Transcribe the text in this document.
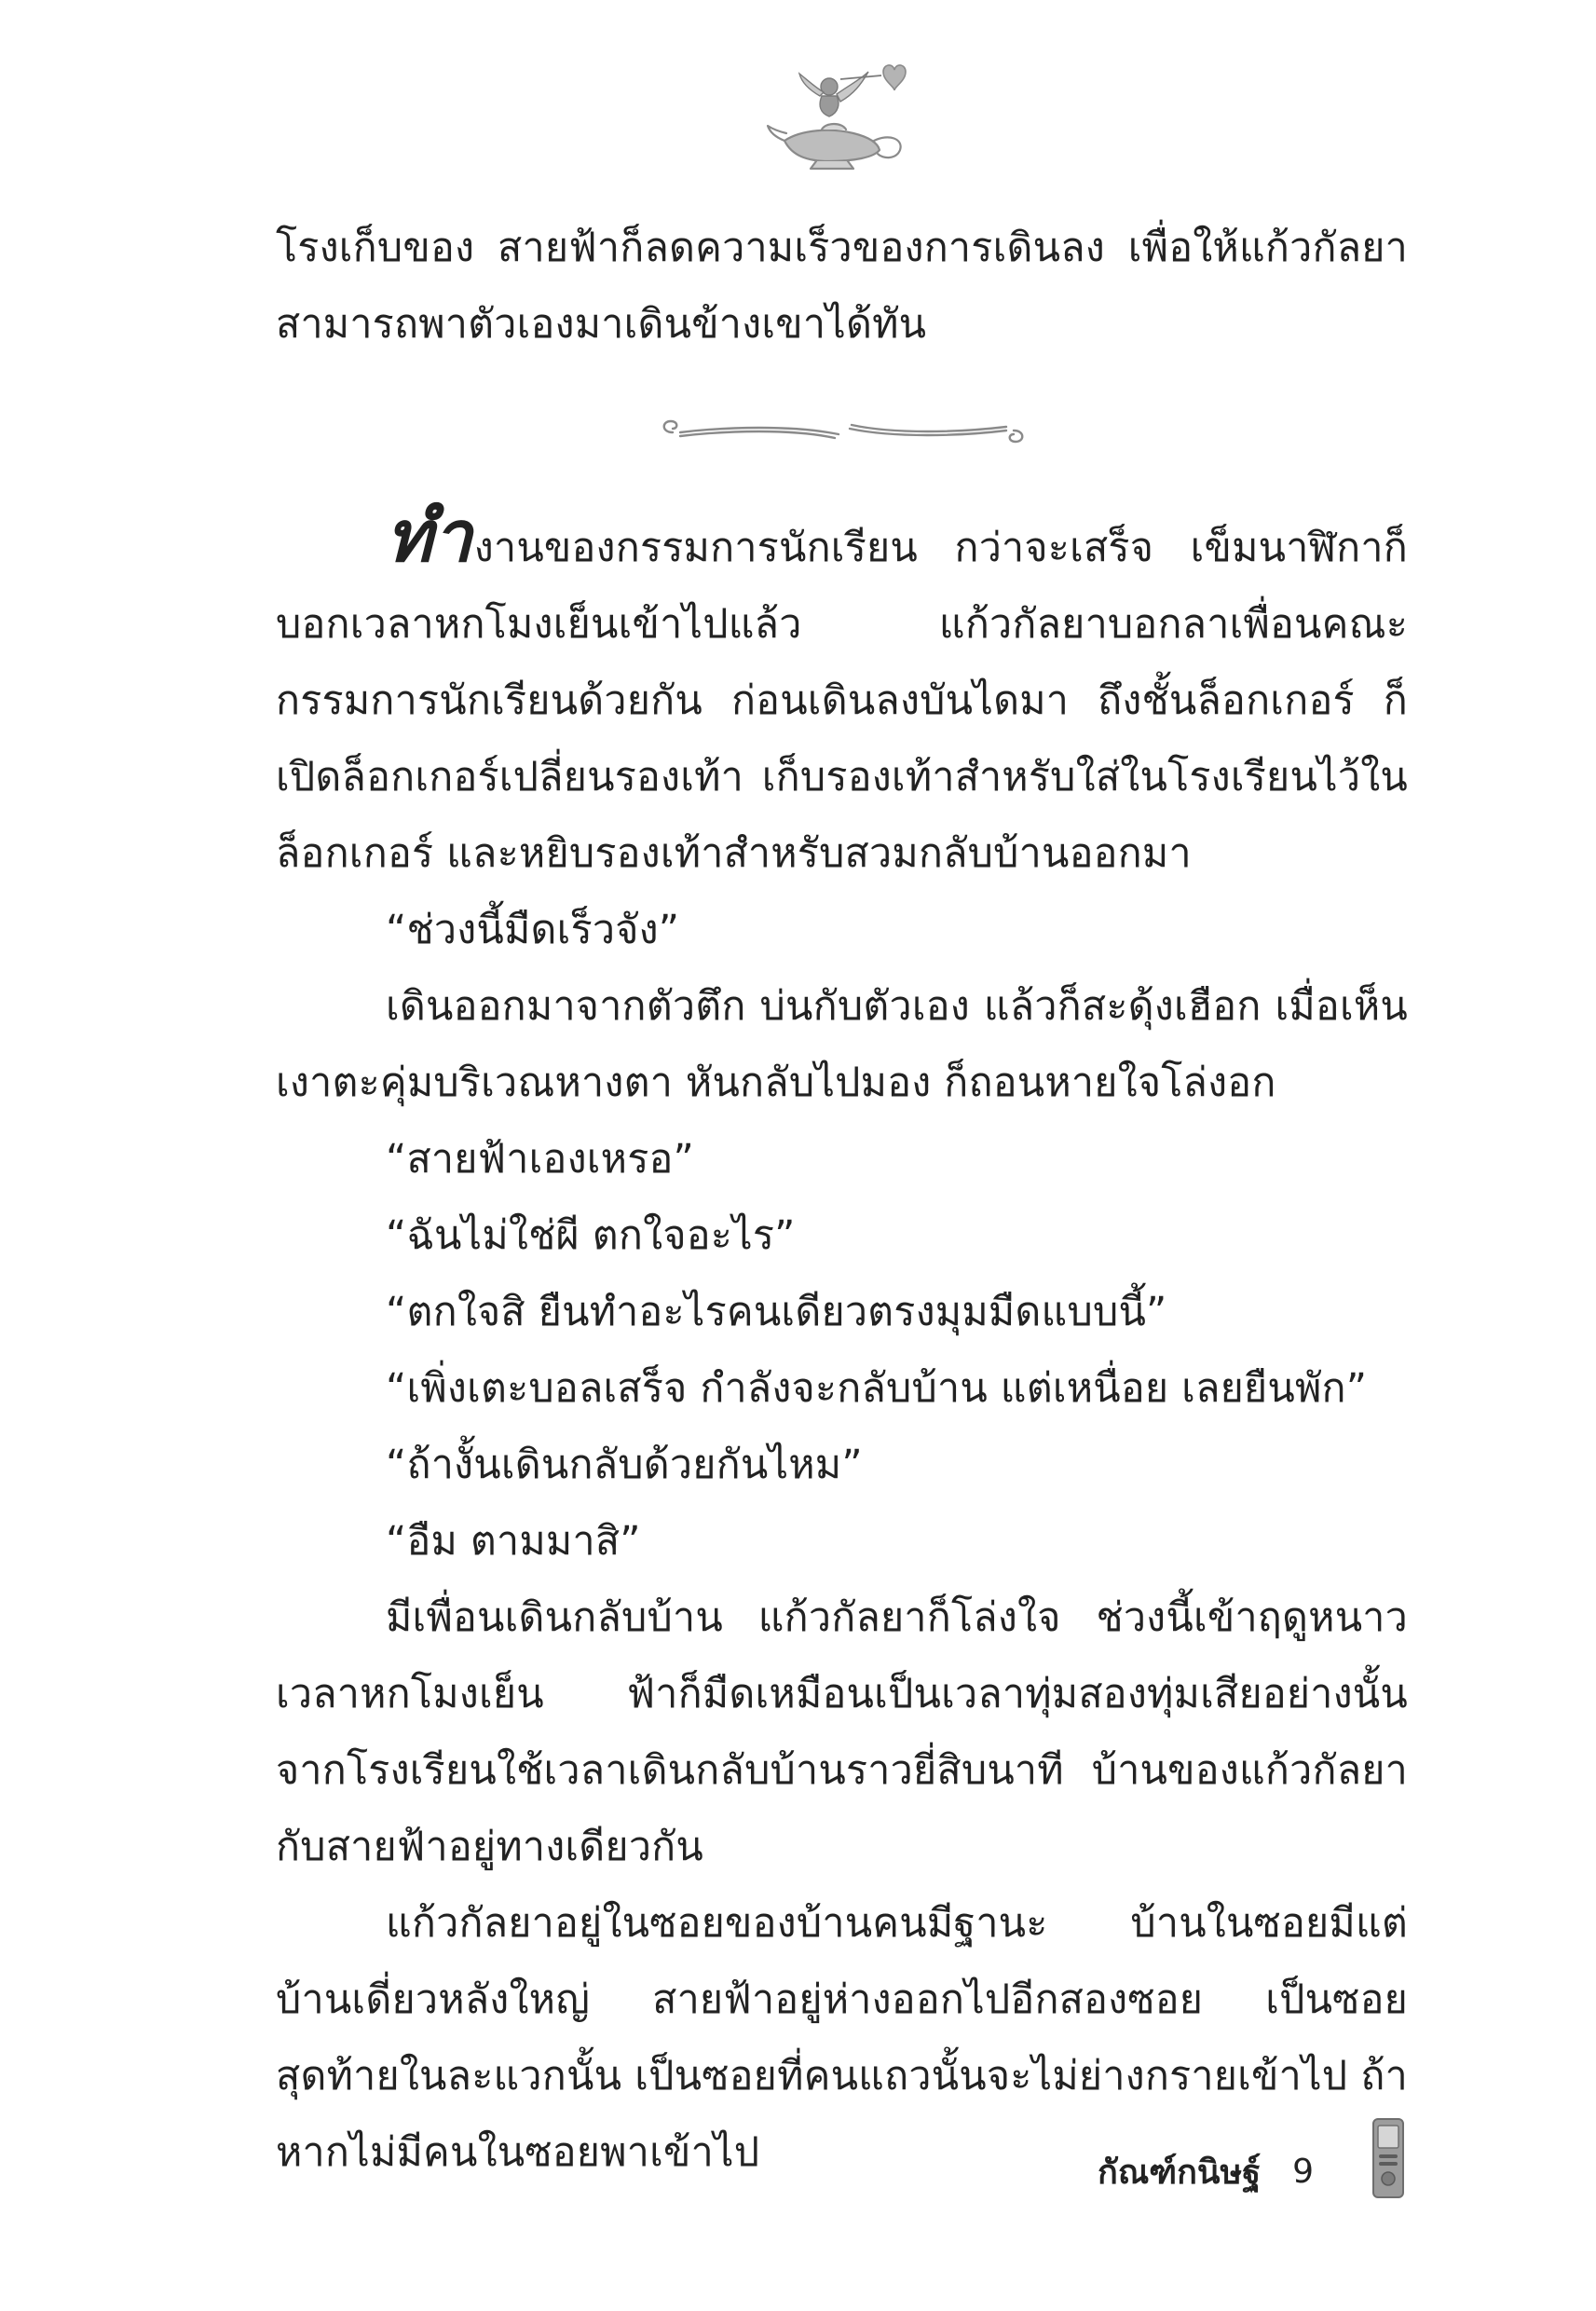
โรงเก็บของ สายฟ้าก็ลดความเร็วของการเดินลง เพื่อให้แก้วกัลยาสามารถพาตัวเองมาเดินข้างเขาได้ทัน

ทำงานของกรรมการนักเรียน กว่าจะเสร็จ เข็มนาฬิกาก็บอกเวลาหกโมงเย็นเข้าไปแล้ว แก้วกัลยาบอกลาเพื่อนคณะกรรมการนักเรียนด้วยกัน ก่อนเดินลงบันไดมา ถึงชั้นล็อกเกอร์ ก็เปิดล็อกเกอร์เปลี่ยนรองเท้า เก็บรองเท้าสำหรับใส่ในโรงเรียนไว้ในล็อกเกอร์ และหยิบรองเท้าสำหรับสวมกลับบ้านออกมา

“ช่วงนี้มืดเร็วจัง”

เดินออกมาจากตัวตึก บ่นกับตัวเอง แล้วก็สะดุ้งเฮือก เมื่อเห็นเงาตะคุ่มบริเวณหางตา หันกลับไปมอง ก็ถอนหายใจโล่งอก

“สายฟ้าเองเหรอ”

“ฉันไม่ใช่ผี ตกใจอะไร”

“ตกใจสิ ยืนทำอะไรคนเดียวตรงมุมมืดแบบนี้”

“เพิ่งเตะบอลเสร็จ กำลังจะกลับบ้าน แต่เหนื่อย เลยยืนพัก”

“ถ้างั้นเดินกลับด้วยกันไหม”

“อืม ตามมาสิ”

มีเพื่อนเดินกลับบ้าน แก้วกัลยาก็โล่งใจ ช่วงนี้เข้าฤดูหนาว เวลาหกโมงเย็น ฟ้าก็มืดเหมือนเป็นเวลาทุ่มสองทุ่มเสียอย่างนั้น จากโรงเรียนใช้เวลาเดินกลับบ้านราวยี่สิบนาที บ้านของแก้วกัลยากับสายฟ้าอยู่ทางเดียวกัน

แก้วกัลยาอยู่ในซอยของบ้านคนมีฐานะ บ้านในซอยมีแต่บ้านเดี่ยวหลังใหญ่ สายฟ้าอยู่ห่างออกไปอีกสองซอย เป็นซอยสุดท้ายในละแวกนั้น เป็นซอยที่คนแถวนั้นจะไม่ย่างกรายเข้าไป ถ้าหากไม่มีคนในซอยพาเข้าไป	กัณฑ์กนิษฐ์ 9
